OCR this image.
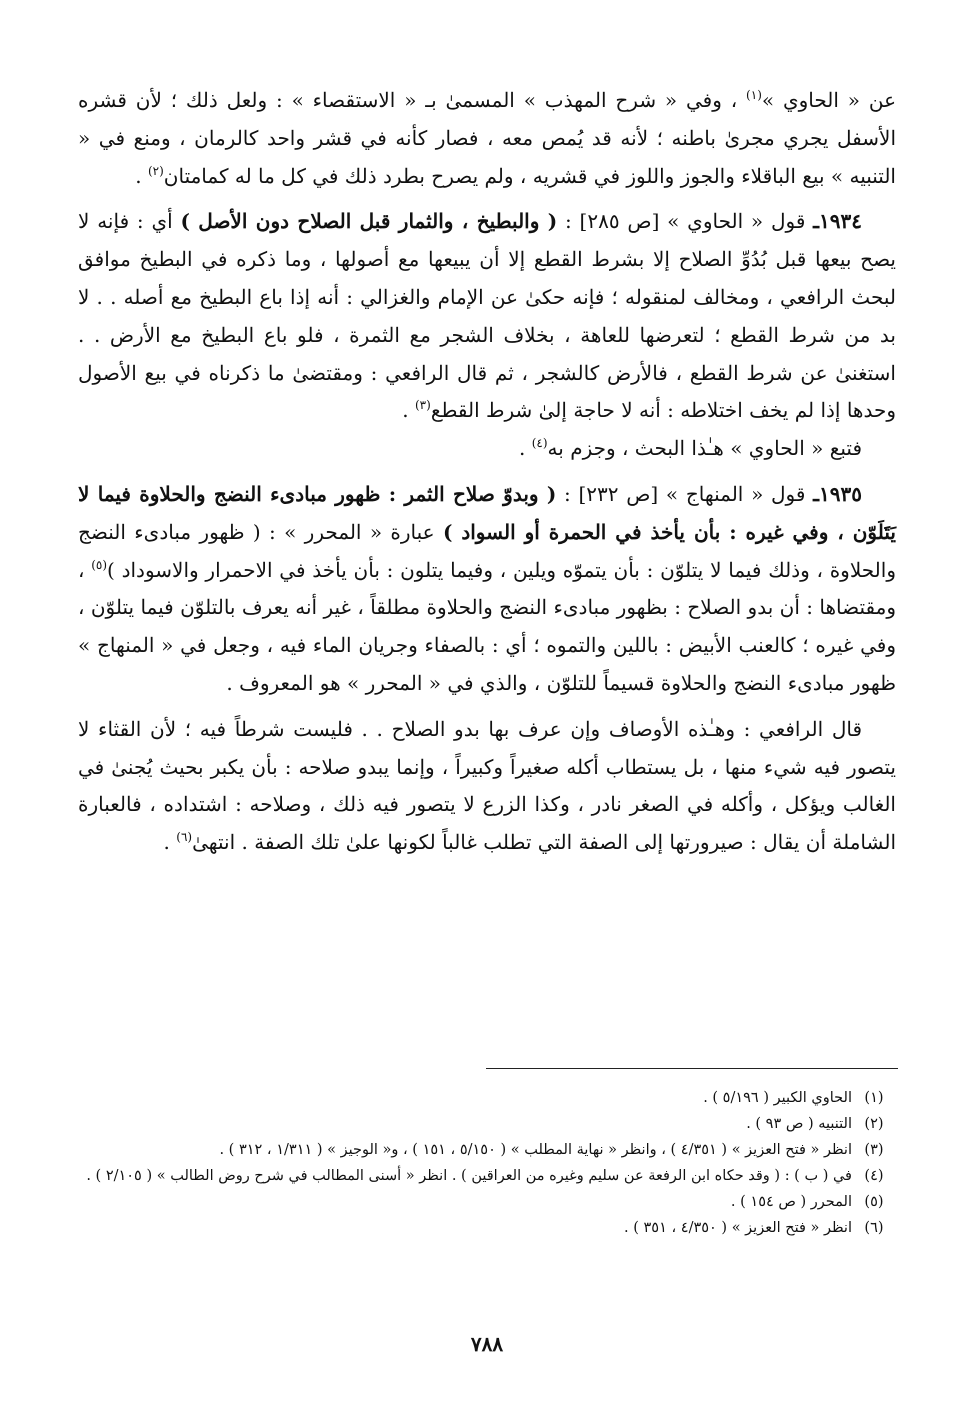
عن « الحاوي »$^{(١)}$ ، وفي « شرح المهذب » المسمىٰ بـ « الاستقصاء » : ولعل ذلك ؛ لأن قشره الأسفل يجري مجرىٰ باطنه ؛ لأنه قد يُمص معه ، فصار كأنه في قشر واحد كالرمان ، ومنع في « التنبيه » بيع الباقلاء والجوز واللوز في قشريه ، ولم يصرح بطرد ذلك في كل ما له كمامتان$^{(٢)}$ .

١٩٣٤ـ قول « الحاوي » [ص ٢٨٥] : ( والبطيخ ، والثمار قبل الصلاح دون الأصل ) أي : فإنه لا يصح بيعها قبل بُدُوِّ الصلاح إلا بشرط القطع إلا أن يبيعها مع أصولها ، وما ذكره في البطيخ موافق لبحث الرافعي ، ومخالف لمنقوله ؛ فإنه حكىٰ عن الإمام والغزالي : أنه إذا باع البطيخ مع أصله . . لا بد من شرط القطع ؛ لتعرضها للعاهة ، بخلاف الشجر مع الثمرة ، فلو باع البطيخ مع الأرض . . استغنىٰ عن شرط القطع ، فالأرض كالشجر ، ثم قال الرافعي : ومقتضىٰ ما ذكرناه في بيع الأصول وحدها إذا لم يخف اختلاطه : أنه لا حاجة إلىٰ شرط القطع$^{(٣)}$ .

فتبع « الحاوي » هـٰذا البحث ، وجزم به$^{(٤)}$ .

١٩٣٥ـ قول « المنهاج » [ص ٢٣٢] : ( وبدوّ صلاح الثمر : ظهور مبادىء النضج والحلاوة فيما لا يَتَلَوّن ، وفي غيره : بأن يأخذ في الحمرة أو السواد ) عبارة « المحرر » : ( ظهور مبادىء النضج والحلاوة ، وذلك فيما لا يتلوّن : بأن يتموّه ويلين ، وفيما يتلون : بأن يأخذ في الاحمرار والاسوداد )$^{(٥)}$ ، ومقتضاها : أن بدو الصلاح : بظهور مبادىء النضج والحلاوة مطلقاً ، غير أنه يعرف بالتلوّن فيما يتلوّن ، وفي غيره ؛ كالعنب الأبيض : باللين والتموه ؛ أي : بالصفاء وجريان الماء فيه ، وجعل في « المنهاج » ظهور مبادىء النضج والحلاوة قسيماً للتلوّن ، والذي في « المحرر » هو المعروف .

قال الرافعي : وهـٰذه الأوصاف وإن عرف بها بدو الصلاح . . فليست شرطاً فيه ؛ لأن القثاء لا يتصور فيه شيء منها ، بل يستطاب أكله صغيراً وكبيراً ، وإنما يبدو صلاحه : بأن يكبر بحيث يُجنىٰ في الغالب ويؤكل ، وأكله في الصغر نادر ، وكذا الزرع لا يتصور فيه ذلك ، وصلاحه : اشتداده ، فالعبارة الشاملة أن يقال : صيرورتها إلى الصفة التي تطلب غالباً لكونها علىٰ تلك الصفة . انتهىٰ$^{(٦)}$ .

(١)
الحاوي الكبير ( ٥/١٩٦ ) .
(٢)
التنبيه ( ص ٩٣ ) .
(٣)
انظر « فتح العزيز » ( ٤/٣٥١ ) ، وانظر « نهاية المطلب » ( ٥/١٥٠ ، ١٥١ ) ، و« الوجيز » ( ١/٣١١ ، ٣١٢ ) .
(٤)
في ( ب ) : ( وقد حكاه ابن الرفعة عن سليم وغيره من العراقين ) . انظر « أسنى المطالب في شرح روض الطالب » ( ٢/١٠٥ ) .
(٥)
المحرر ( ص ١٥٤ ) .
(٦)
انظر « فتح العزيز » ( ٤/٣٥٠ ، ٣٥١ ) .
٧٨٨
